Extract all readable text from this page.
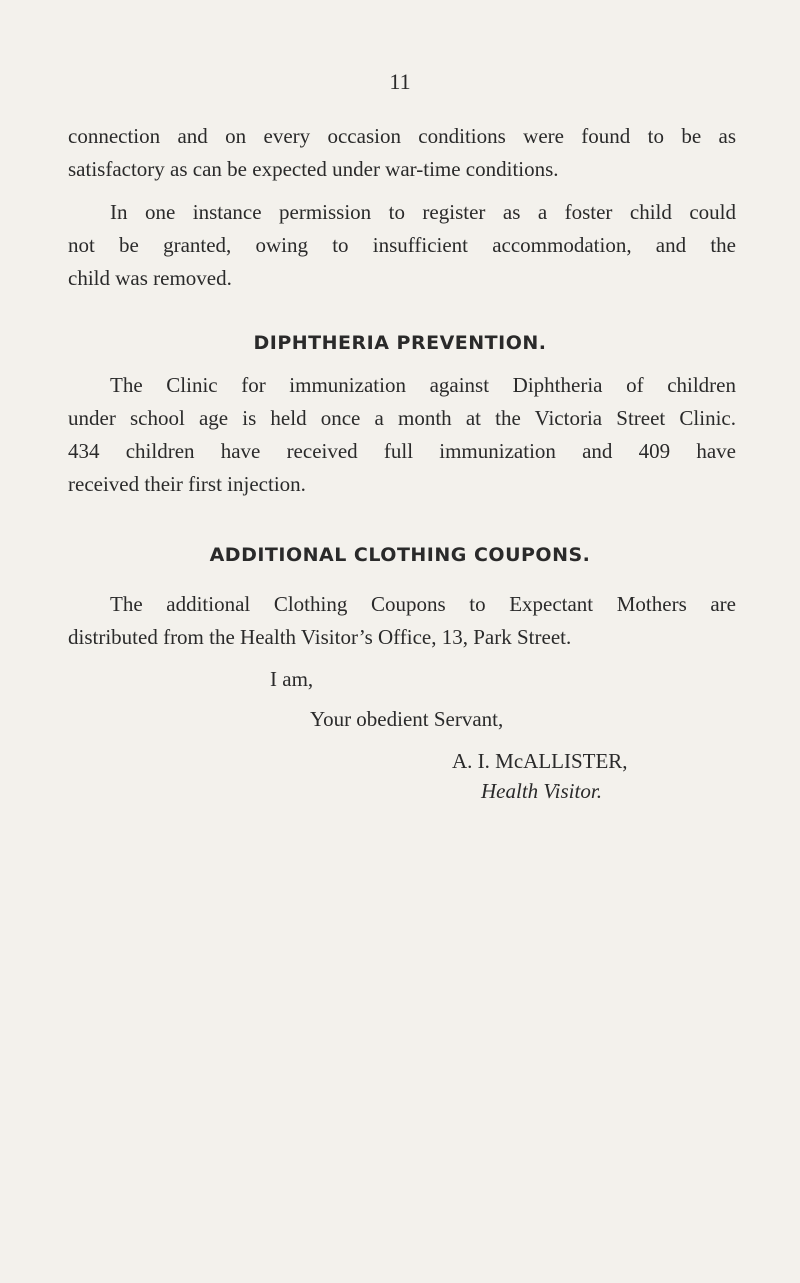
11

connection and on every occasion conditions were found to be as
satisfactory as can be expected under war-time conditions.

In one instance permission to register as a foster child could
not be granted, owing to insufficient accommodation, and the
child was removed.

DIPHTHERIA PREVENTION.

The Clinic for immunization against Diphtheria of children
under school age is held once a month at the Victoria Street Clinic.
434 children have received full immunization and 409 have
received their first injection.

ADDITIONAL CLOTHING COUPONS.

The additional Clothing Coupons to Expectant Mothers are
distributed from the Health Visitor’s Office, 13, Park Street.

I am,

Your obedient Servant,

A. I. McALLISTER,

Health Visitor.
